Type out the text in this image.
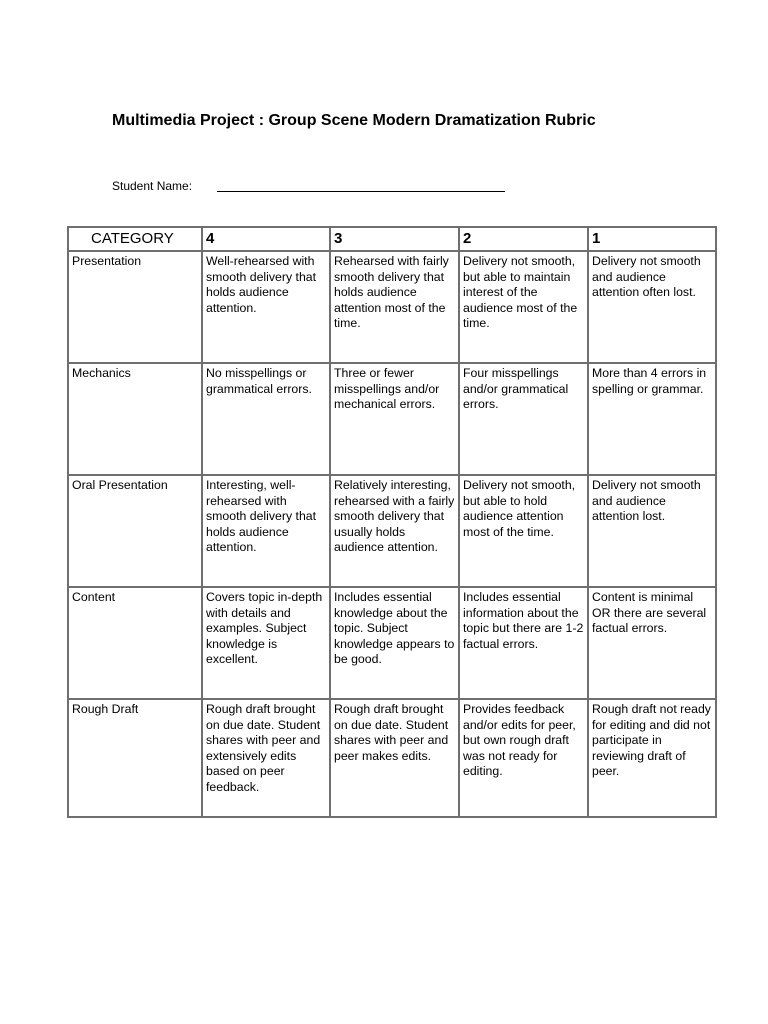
Multimedia Project : Group Scene Modern Dramatization Rubric
Student Name:
CATEGORY	4	3	2	1
Presentation	Well-rehearsed with smooth delivery that holds audience attention.	Rehearsed with fairly smooth delivery that holds audience attention most of the time.	Delivery not smooth, but able to maintain interest of the audience most of the time.	Delivery not smooth and audience attention often lost.
Mechanics	No misspellings or grammatical errors.	Three or fewer misspellings and/or mechanical errors.	Four misspellings and/or grammatical errors.	More than 4 errors in spelling or grammar.
Oral Presentation	Interesting, well-rehearsed with smooth delivery that holds audience attention.	Relatively interesting, rehearsed with a fairly smooth delivery that usually holds audience attention.	Delivery not smooth, but able to hold audience attention most of the time.	Delivery not smooth and audience attention lost.
Content	Covers topic in-depth with details and examples. Subject knowledge is excellent.	Includes essential knowledge about the topic. Subject knowledge appears to be good.	Includes essential information about the topic but there are 1-2 factual errors.	Content is minimal OR there are several factual errors.
Rough Draft	Rough draft brought on due date. Student shares with peer and extensively edits based on peer feedback.	Rough draft brought on due date. Student shares with peer and peer makes edits.	Provides feedback and/or edits for peer, but own rough draft was not ready for editing.	Rough draft not ready for editing and did not participate in reviewing draft of peer.
